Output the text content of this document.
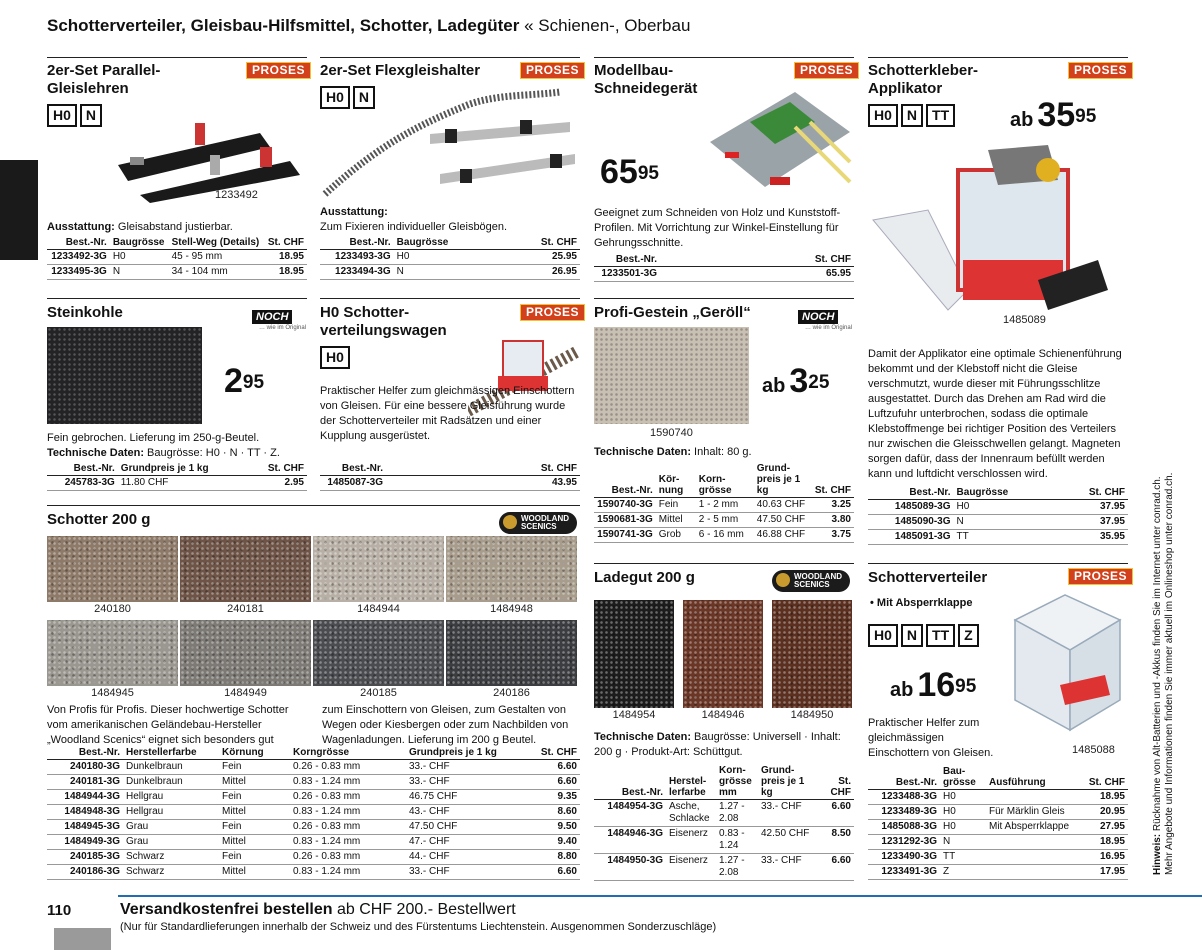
Schotterverteiler, Gleisbau-Hilfsmittel, Schotter, Ladegüter « Schienen-, Oberbau
2er-Set Parallel-Gleislehren
PROSES
H0	N
1233492
Ausstattung: Gleisabstand justierbar.
Best.-Nr.	Baugrösse	Stell-Weg (Details)	St. CHF
1233492-3G	H0	45 - 95 mm	18.95
1233495-3G	N	34 - 104 mm	18.95
2er-Set Flexgleishalter	PROSES
H0	N
Ausstattung:
Zum Fixieren individueller Gleisbögen.
Best.-Nr.	Baugrösse	St. CHF
1233493-3G	H0	25.95
1233494-3G	N	26.95
Modellbau-Schneidegerät
PROSES
$65^{95}$
Geeignet zum Schneiden von Holz und Kunststoff-Profilen. Mit Vorrichtung zur Winkel-Einstellung für Gehrungsschnitte.
Best.-Nr.	St. CHF
1233501-3G	65.95
Schotterkleber-Applikator
PROSES
H0	N	TT	ab $35^{95}$
1485089
Damit der Applikator eine optimale Schienenführung bekommt und der Klebstoff nicht die Gleise verschmutzt, wurde dieser mit Führungsschlitze ausgestattet. Durch das Drehen am Rad wird die Luftzufuhr unterbrochen, sodass die optimale Klebstoffmenge bei richtiger Position des Verteilers nur zwischen die Gleisschwellen gelangt. Magneten sorgen dafür, dass der Innenraum befüllt werden kann und luftdicht verschlossen wird.
Best.-Nr.	Baugrösse	St. CHF
1485089-3G	H0	37.95
1485090-3G	N	37.95
1485091-3G	TT	35.95
Steinkohle	NOCH
… wie im Original
$2^{95}$
Fein gebrochen. Lieferung im 250-g-Beutel.
Technische Daten: Baugrösse: H0 · N · TT · Z.
Best.-Nr.	Grundpreis je 1 kg	St. CHF
245783-3G	11.80 CHF	2.95
H0 Schotter-verteilungswagen
PROSES
H0
Praktischer Helfer zum gleichmässigen Einschottern von Gleisen. Für eine bessere Gleisführung wurde der Schotterverteiler mit Radsätzen und einer Kupplung ausgerüstet.
Best.-Nr.	St. CHF
1485087-3G	43.95
Profi-Gestein „Geröll“	NOCH
… wie im Original
ab $3^{25}$
1590740
Technische Daten: Inhalt: 80 g.
Best.-Nr.	Kör-nung	Korn-grösse	Grund-preis je 1 kg	St. CHF
1590740-3G	Fein	1 - 2 mm	40.63 CHF	3.25
1590681-3G	Mittel	2 - 5 mm	47.50 CHF	3.80
1590741-3G	Grob	6 - 16 mm	46.88 CHF	3.75
Schotter 200 g	WOODLAND SCENICS
240180	240181	1484944	1484948
1484945	1484949	240185	240186
Von Profis für Profis. Dieser hochwertige Schotter vom amerikanischen Geländebau-Hersteller „Woodland Scenics“ eignet sich besonders gut
zum Einschottern von Gleisen, zum Gestalten von Wegen oder Kiesbergen oder zum Nachbilden von Wagenladungen. Lieferung im 200 g Beutel.
Best.-Nr.	Herstellerfarbe	Körnung	Korngrösse	Grundpreis je 1 kg	St. CHF
240180-3G	Dunkelbraun	Fein	0.26 - 0.83 mm	33.- CHF	6.60
240181-3G	Dunkelbraun	Mittel	0.83 - 1.24 mm	33.- CHF	6.60
1484944-3G	Hellgrau	Fein	0.26 - 0.83 mm	46.75 CHF	9.35
1484948-3G	Hellgrau	Mittel	0.83 - 1.24 mm	43.- CHF	8.60
1484945-3G	Grau	Fein	0.26 - 0.83 mm	47.50 CHF	9.50
1484949-3G	Grau	Mittel	0.83 - 1.24 mm	47.- CHF	9.40
240185-3G	Schwarz	Fein	0.26 - 0.83 mm	44.- CHF	8.80
240186-3G	Schwarz	Mittel	0.83 - 1.24 mm	33.- CHF	6.60
Ladegut 200 g	WOODLAND SCENICS
1484954	1484946	1484950
Technische Daten: Baugrösse: Universell · Inhalt: 200 g · Produkt-Art: Schüttgut.
Best.-Nr.	Herstel-lerfarbe	Korn-grösse mm	Grund-preis je 1 kg	St. CHF
1484954-3G	Asche, Schlacke	1.27 - 2.08	33.- CHF	6.60
1484946-3G	Eisenerz	0.83 - 1.24	42.50 CHF	8.50
1484950-3G	Eisenerz	1.27 - 2.08	33.- CHF	6.60
Schotterverteiler	PROSES
• Mit Absperrklappe
H0	N	TT	Z
ab $16^{95}$
1485088
Praktischer Helfer zum gleichmässigen Einschottern von Gleisen.
Best.-Nr.	Bau-grösse	Ausführung	St. CHF
1233488-3G	H0		18.95
1233489-3G	H0	Für Märklin Gleis	20.95
1485088-3G	H0	Mit Absperrklappe	27.95
1231292-3G	N		18.95
1233490-3G	TT		16.95
1233491-3G	Z		17.95	Hinweis: Rücknahme von Alt-Batterien und -Akkus finden Sie im Internet unter conrad.ch.
Mehr Angebote und Informationen finden Sie immer aktuell im Onlineshop unter conrad.ch.
110	Versandkostenfrei bestellen ab CHF 200.- Bestellwert
(Nur für Standardlieferungen innerhalb der Schweiz und des Fürstentums Liechtenstein. Ausgenommen Sonderzuschläge)
